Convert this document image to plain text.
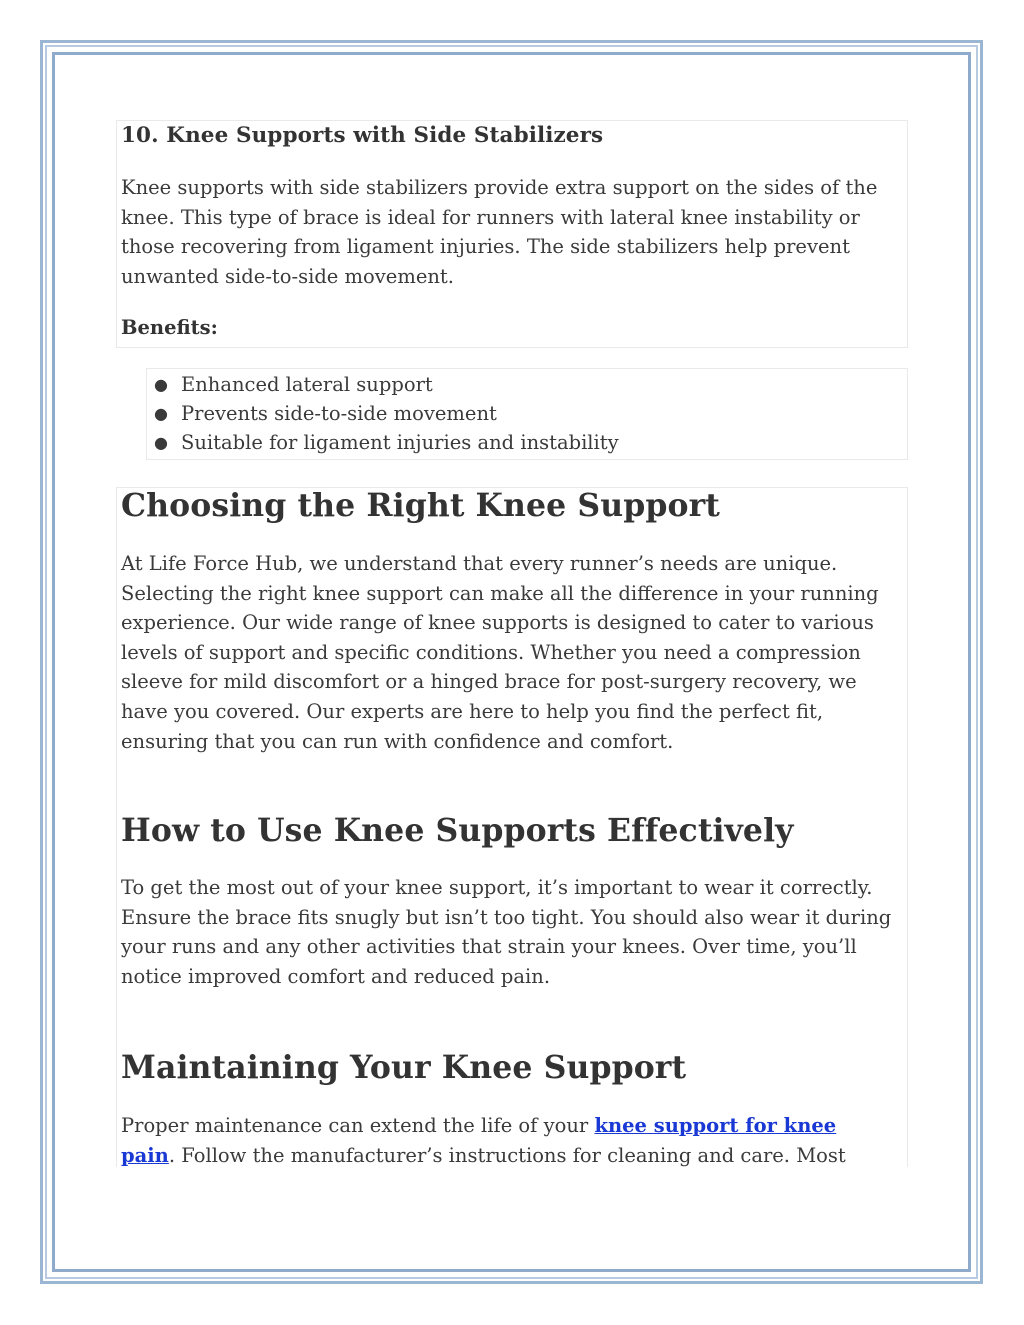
10. Knee Supports with Side Stabilizers

Knee supports with side stabilizers provide extra support on the sides of the
knee. This type of brace is ideal for runners with lateral knee instability or
those recovering from ligament injuries. The side stabilizers help prevent
unwanted side-to-side movement.

Benefits:
● Enhanced lateral support
● Prevents side-to-side movement
● Suitable for ligament injuries and instability
Choosing the Right Knee Support

At Life Force Hub, we understand that every runner’s needs are unique.
Selecting the right knee support can make all the difference in your running
experience. Our wide range of knee supports is designed to cater to various
levels of support and specific conditions. Whether you need a compression
sleeve for mild discomfort or a hinged brace for post-surgery recovery, we
have you covered. Our experts are here to help you find the perfect fit,
ensuring that you can run with confidence and comfort.

How to Use Knee Supports Effectively

To get the most out of your knee support, it’s important to wear it correctly.
Ensure the brace fits snugly but isn’t too tight. You should also wear it during
your runs and any other activities that strain your knees. Over time, you’ll
notice improved comfort and reduced pain.

Maintaining Your Knee Support

Proper maintenance can extend the life of your knee support for knee
pain. Follow the manufacturer’s instructions for cleaning and care. Most
